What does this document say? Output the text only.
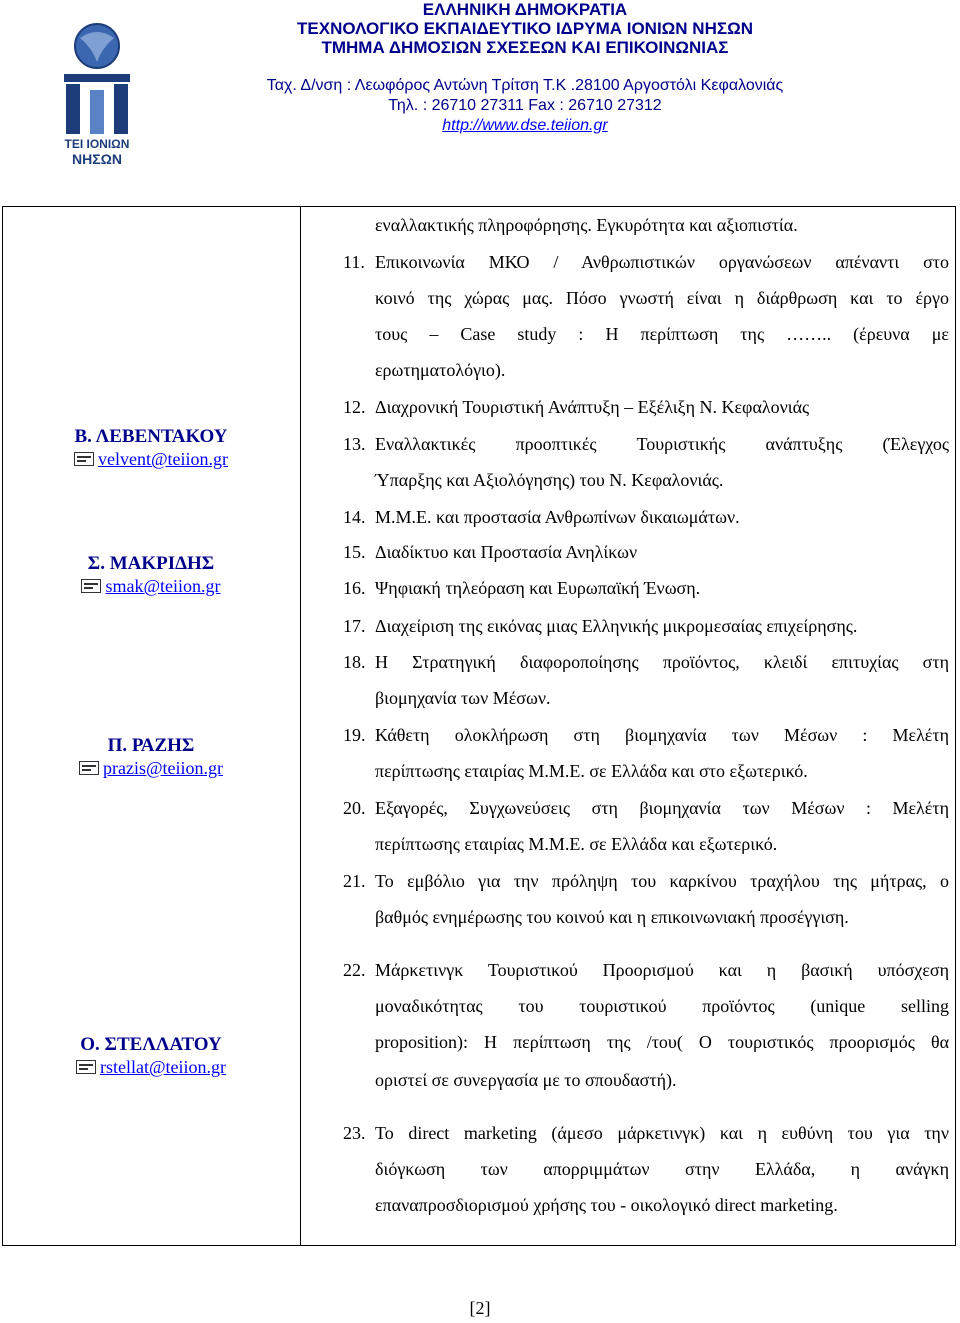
ΤΕΙ ΙΟΝΙΩΝ
ΝΗΣΩΝ
ΕΛΛΗΝΙΚΗ ΔΗΜΟΚΡΑΤΙΑ
ΤΕΧΝΟΛΟΓΙΚΟ ΕΚΠΑΙΔΕΥΤΙΚΟ ΙΔΡΥΜΑ ΙΟΝΙΩΝ ΝΗΣΩΝ
ΤΜΗΜΑ ΔΗΜΟΣΙΩΝ ΣΧΕΣΕΩΝ ΚΑΙ ΕΠΙΚΟΙΝΩΝΙΑΣ
Ταχ. Δ/νση : Λεωφόρος Αντώνη Τρίτση Τ.Κ .28100 Αργοστόλι Κεφαλονιάς
Τηλ. : 26710 27311 Fax : 26710 27312
http://www.dse.teiion.gr
Β. ΛΕΒΕΝΤΑΚΟΥ
velvent@teiion.gr
Σ. ΜΑΚΡΙΔΗΣ
smak@teiion.gr
Π. ΡΑΖΗΣ
prazis@teiion.gr
Ο. ΣΤΕΛΛΑΤΟΥ
rstellat@teiion.gr
εναλλακτικής πληροφόρησης. Εγκυρότητα και αξιοπιστία.
11. Επικοινωνία ΜΚΟ / Ανθρωπιστικών οργανώσεων απέναντι στο
κοινό της χώρας μας. Πόσο γνωστή είναι η διάρθρωση και το έργο
τους – Case study : Η περίπτωση της …….. (έρευνα με
ερωτηματολόγιο).
12. Διαχρονική Τουριστική Ανάπτυξη – Εξέλιξη Ν. Κεφαλονιάς
13. Εναλλακτικές προοπτικές Τουριστικής ανάπτυξης (Έλεγχος
Ύπαρξης και Αξιολόγησης) του Ν. Κεφαλονιάς.
14. Μ.Μ.Ε. και προστασία Ανθρωπίνων δικαιωμάτων.
15. Διαδίκτυο και Προστασία Ανηλίκων
16. Ψηφιακή τηλεόραση και Ευρωπαϊκή Ένωση.
17. Διαχείριση της εικόνας μιας Ελληνικής μικρομεσαίας επιχείρησης.
18. Η Στρατηγική διαφοροποίησης προϊόντος, κλειδί επιτυχίας στη
βιομηχανία των Μέσων.
19. Κάθετη ολοκλήρωση στη βιομηχανία των Μέσων : Μελέτη
περίπτωσης εταιρίας Μ.Μ.Ε. σε Ελλάδα και στο εξωτερικό.
20. Εξαγορές, Συγχωνεύσεις στη βιομηχανία των Μέσων : Μελέτη
περίπτωσης εταιρίας Μ.Μ.Ε. σε Ελλάδα και εξωτερικό.
21. Το εμβόλιο για την πρόληψη του καρκίνου τραχήλου της μήτρας, ο
βαθμός ενημέρωσης του κοινού και η επικοινωνιακή προσέγγιση.
22. Μάρκετινγκ Τουριστικού Προορισμού και η βασική υπόσχεση
μοναδικότητας του τουριστικού προϊόντος (unique selling
proposition): Η περίπτωση της /του( Ο τουριστικός προορισμός θα
οριστεί σε συνεργασία με το σπουδαστή).
23. Το direct marketing (άμεσο μάρκετινγκ) και η ευθύνη του για την
διόγκωση των απορριμμάτων στην Ελλάδα, η ανάγκη
επαναπροσδιορισμού χρήσης του - οικολογικό direct marketing.
[2]
